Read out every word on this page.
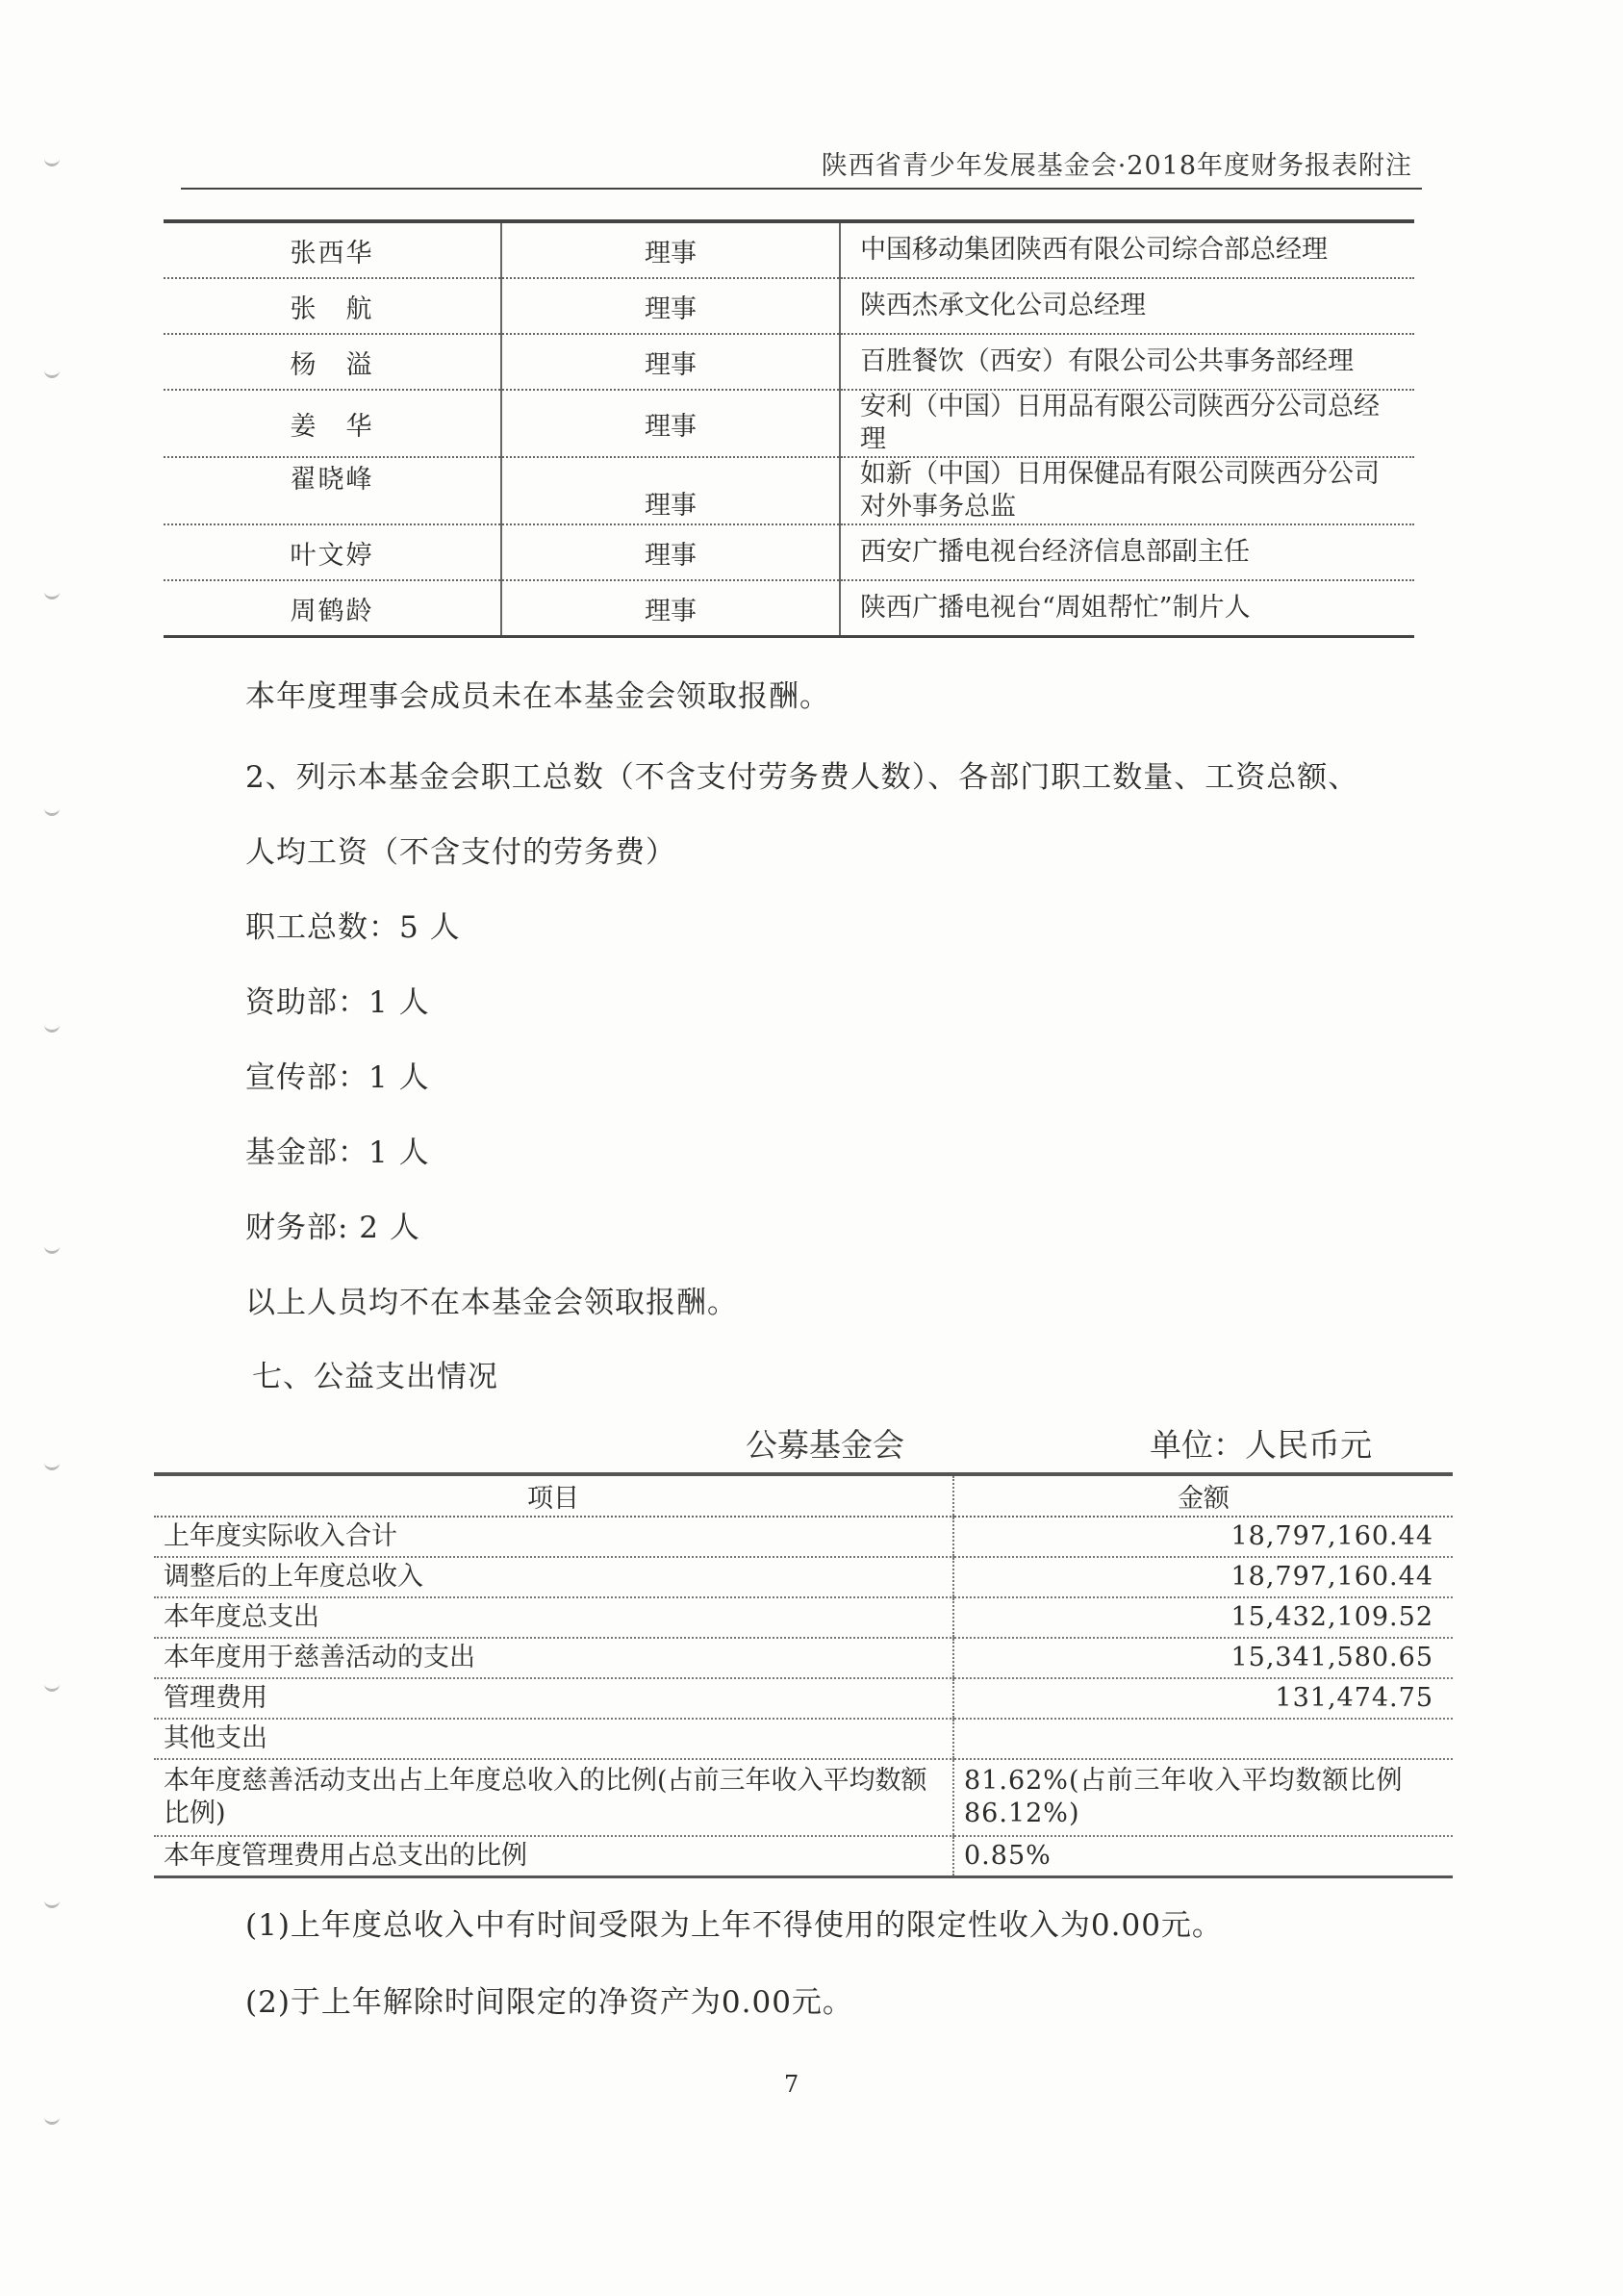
陕西省青少年发展基金会·2018年度财务报表附注
张西华	理事	中国移动集团陕西有限公司综合部总经理
张　航	理事	陕西杰承文化公司总经理
杨　溢	理事	百胜餐饮（西安）有限公司公共事务部经理
姜　华	理事	安利（中国）日用品有限公司陕西分公司总经理
翟晓峰	理事	如新（中国）日用保健品有限公司陕西分公司对外事务总监
叶文婷	理事	西安广播电视台经济信息部副主任
周鹤龄	理事	陕西广播电视台“周姐帮忙”制片人
本年度理事会成员未在本基金会领取报酬。
2、列示本基金会职工总数（不含支付劳务费人数）、各部门职工数量、工资总额、
人均工资（不含支付的劳务费）
职工总数：5 人
资助部：1 人
宣传部：1 人
基金部：1 人
财务部: 2 人
以上人员均不在本基金会领取报酬。
七、公益支出情况
公募基金会	单位：人民币元
项目	金额
上年度实际收入合计	18,797,160.44
调整后的上年度总收入	18,797,160.44
本年度总支出	15,432,109.52
本年度用于慈善活动的支出	15,341,580.65
管理费用	131,474.75
其他支出	
本年度慈善活动支出占上年度总收入的比例(占前三年收入平均数额比例)	81.62%(占前三年收入平均数额比例86.12%)
本年度管理费用占总支出的比例	0.85%
(1)上年度总收入中有时间受限为上年不得使用的限定性收入为0.00元。
(2)于上年解除时间限定的净资产为0.00元。
7
